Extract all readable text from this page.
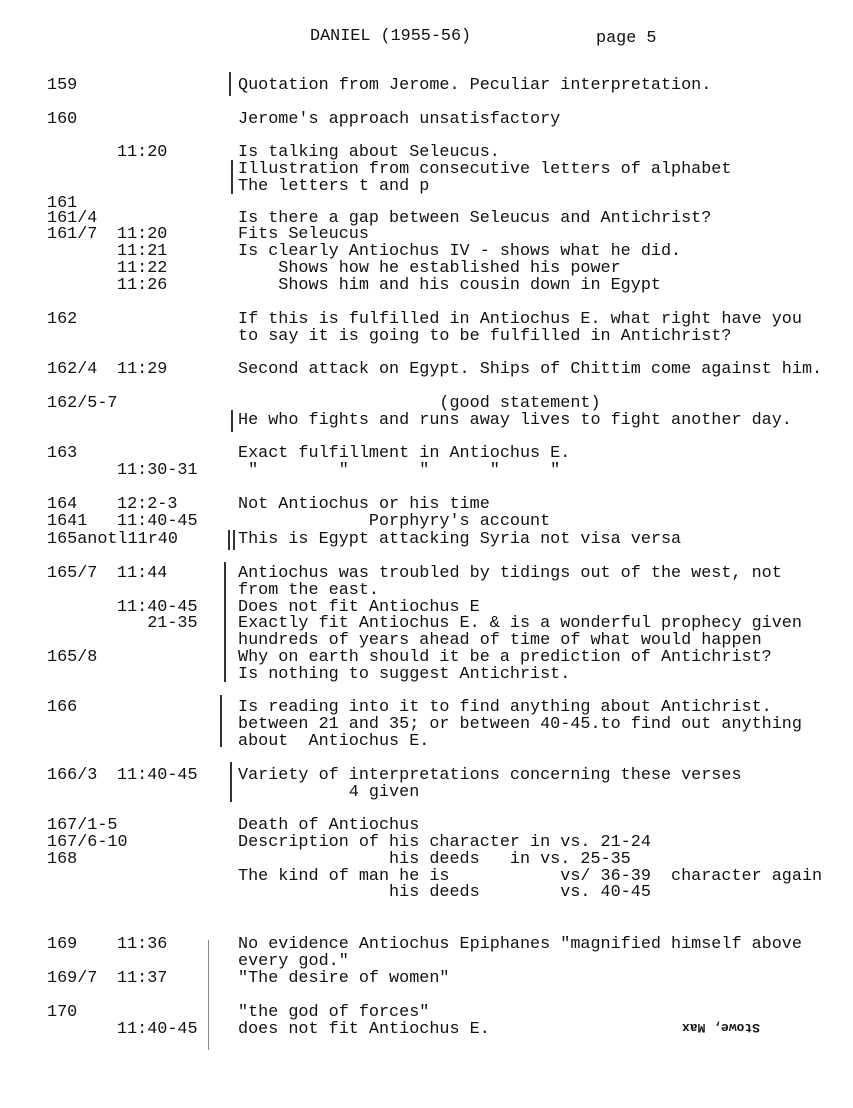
DANIEL (1955-56)	page 5
159	Quotation from Jerome. Peculiar interpretation.
160	Jerome's approach unsatisfactory
11:20	Is talking about Seleucus.
Illustration from consecutive letters of alphabet
The letters t and p
161
161/4	Is there a gap between Seleucus and Antichrist?
161/7 11:20	Fits Seleucus
11:21	Is clearly Antiochus IV - shows what he did.
11:22	Shows how he established his power
11:26	Shows him and his cousin down in Egypt
162	If this is fulfilled in Antiochus E. what right have you
to say it is going to be fulfilled in Antichrist?
162/4 11:29	Second attack on Egypt. Ships of Chittim come against him.
162/5-7	(good statement)
He who fights and runs away lives to fight another day.
163	Exact fulfillment in Antiochus E.
11:30-31 "        "       "      "     "
164 12:2-3	Not Antiochus or his time
1641 11:40-45 Porphyry's account
165anotl11r40	This is Egypt attacking Syria not visa versa
165/7 11:44	Antiochus was troubled by tidings out of the west, not
from the east.
11:40-45 Does not fit Antiochus E
21-35 Exactly fit Antiochus E. & is a wonderful prophecy given
hundreds of years ahead of time of what would happen
165/8	Why on earth should it be a prediction of Antichrist?
Is nothing to suggest Antichrist.
166	Is reading into it to find anything about Antichrist.
between 21 and 35; or between 40-45.to find out anything
about  Antiochus E.
166/3 11:40-45 Variety of interpretations concerning these verses
4 given
167/1-5	Death of Antiochus
167/6-10	Description of his character in vs. 21-24
168	his deeds   in vs. 25-35
The kind of man he is           vs/ 36-39  character again
his deeds        vs. 40-45
169 11:36	No evidence Antiochus Epiphanes "magnified himself above
every god."
169/7 11:37	"The desire of women"
170	"the god of forces"
11:40-45 does not fit Antiochus E.	Stowe, Max
